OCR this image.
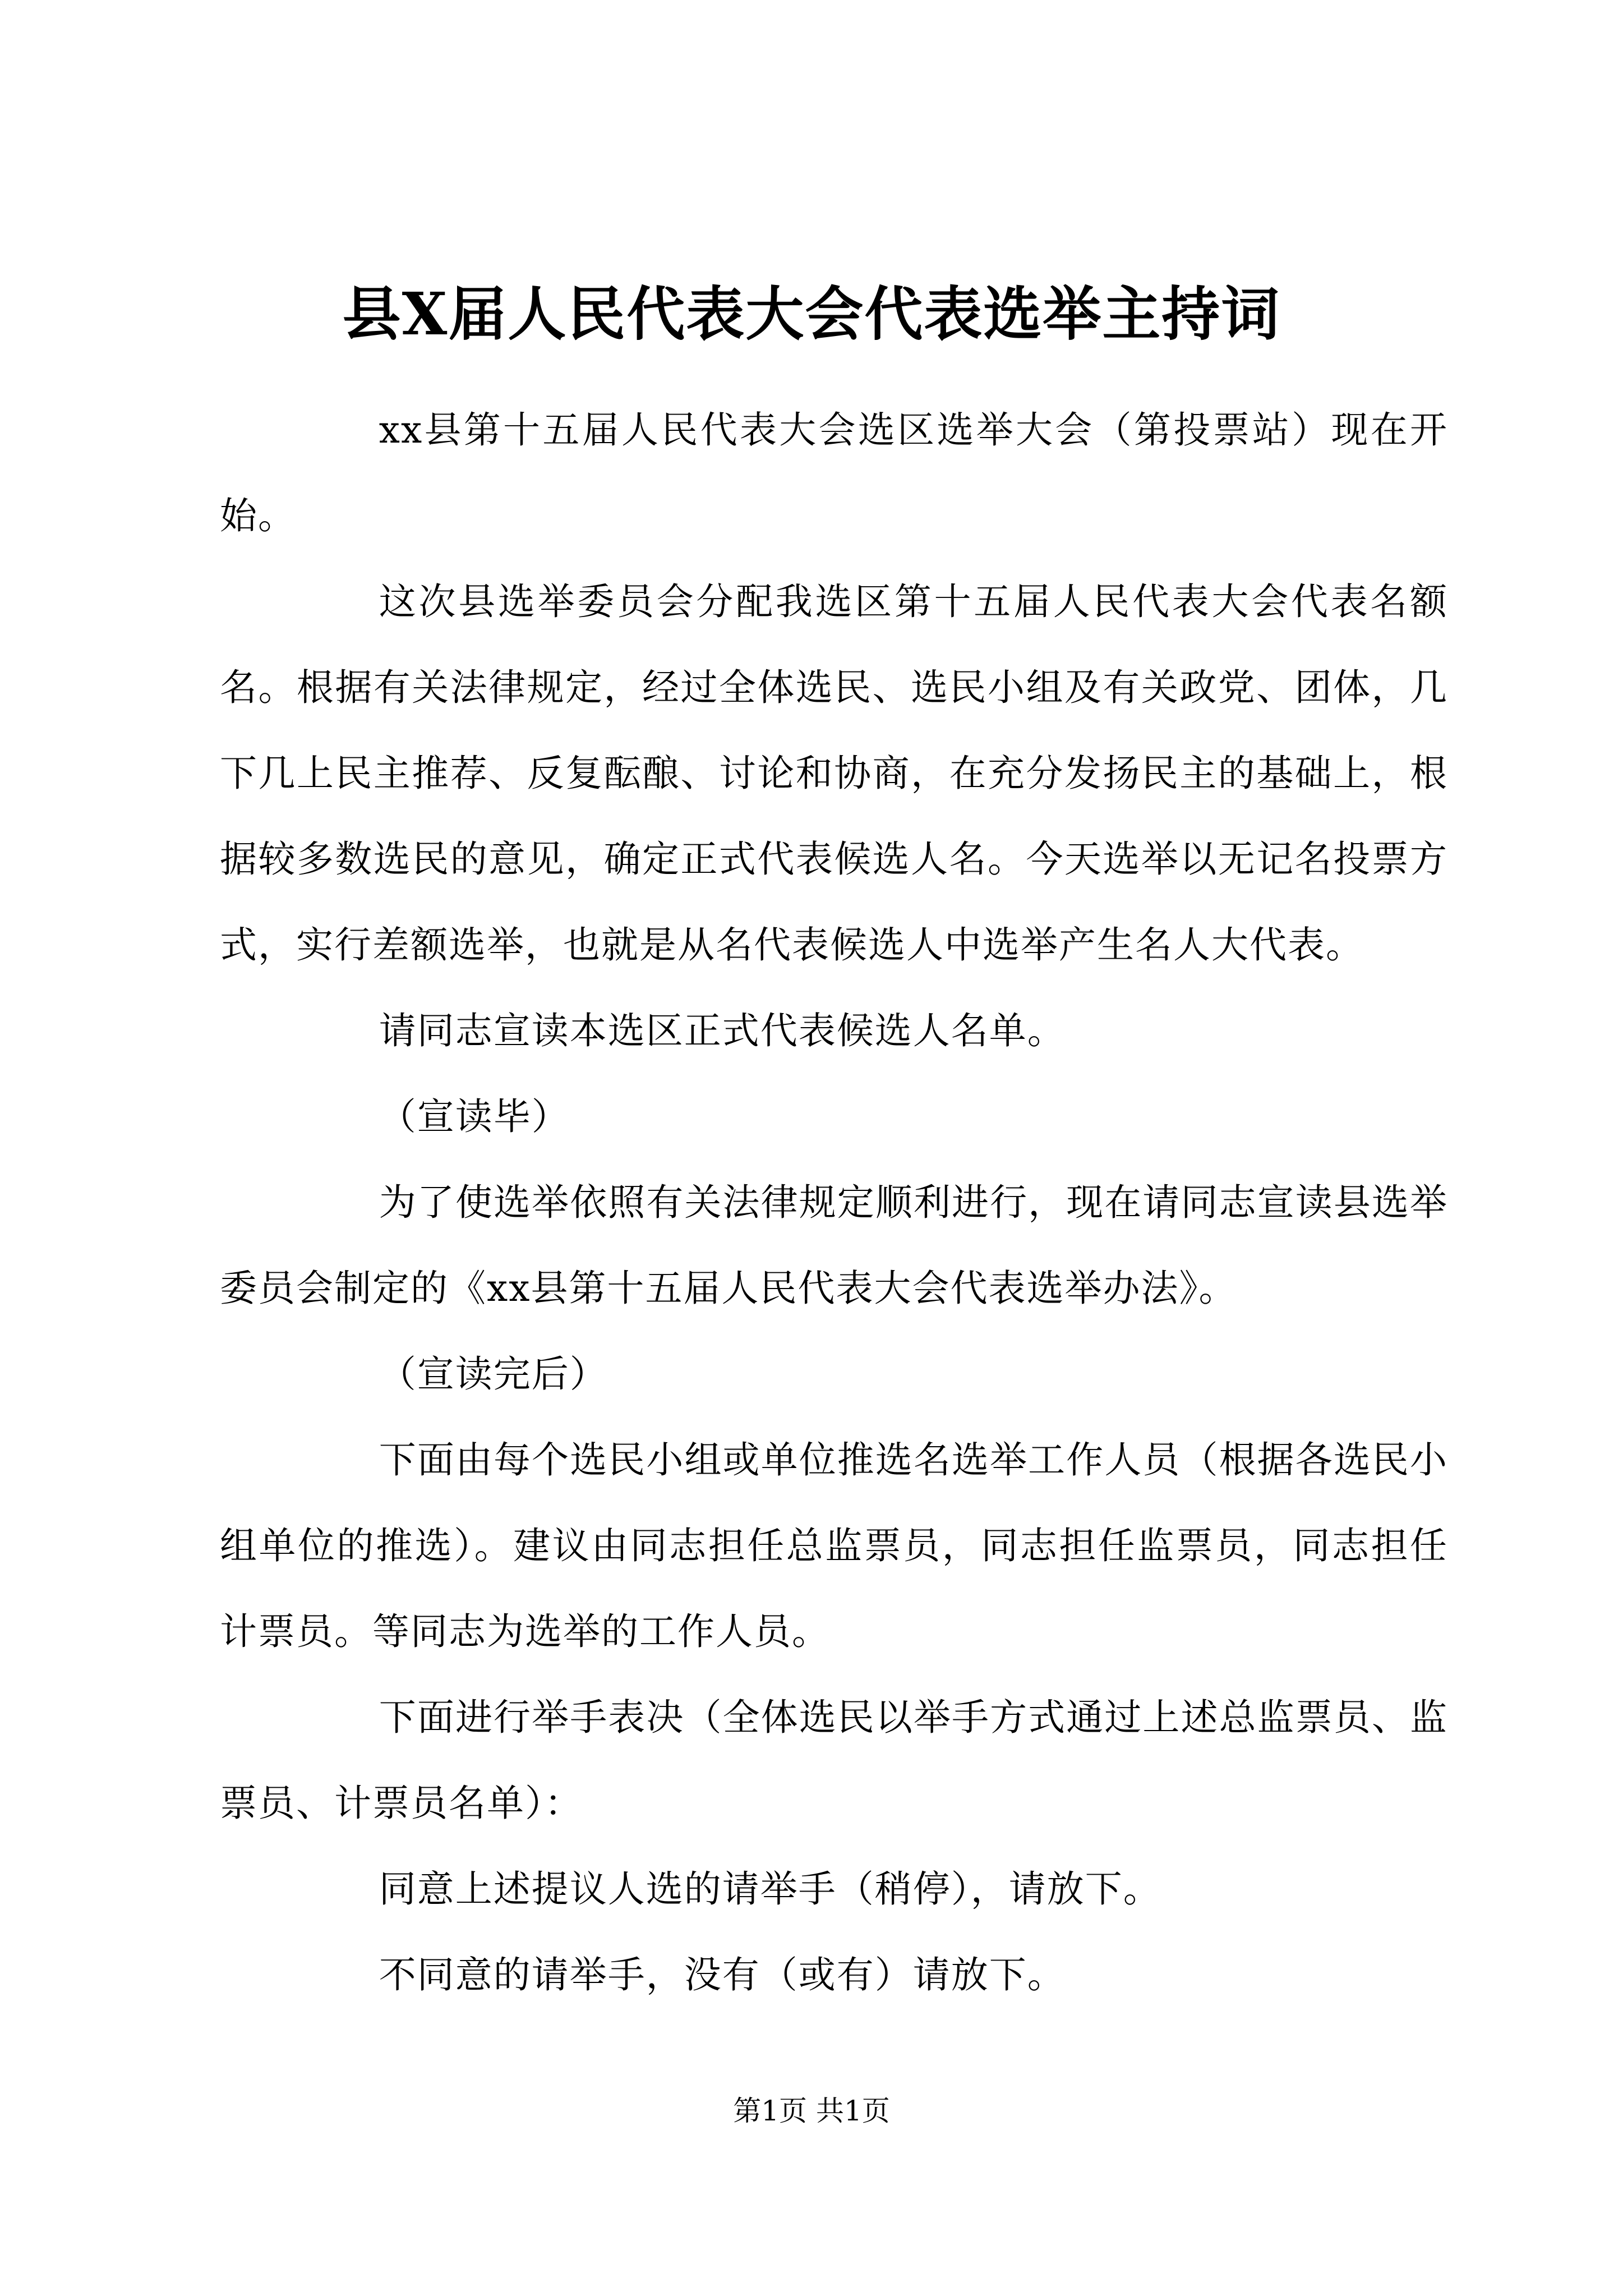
县X届人民代表大会代表选举主持词

xx县第十五届人民代表大会选区选举大会（第投票站）现在开始。

这次县选举委员会分配我选区第十五届人民代表大会代表名额名。根据有关法律规定，经过全体选民、选民小组及有关政党、团体，几下几上民主推荐、反复酝酿、讨论和协商，在充分发扬民主的基础上，根据较多数选民的意见，确定正式代表候选人名。今天选举以无记名投票方式，实行差额选举，也就是从名代表候选人中选举产生名人大代表。

请同志宣读本选区正式代表候选人名单。

（宣读毕）

为了使选举依照有关法律规定顺利进行，现在请同志宣读县选举委员会制定的《xx县第十五届人民代表大会代表选举办法》。

（宣读完后）

下面由每个选民小组或单位推选名选举工作人员（根据各选民小组单位的推选）。建议由同志担任总监票员，同志担任监票员，同志担任计票员。等同志为选举的工作人员。

下面进行举手表决（全体选民以举手方式通过上述总监票员、监票员、计票员名单）：

同意上述提议人选的请举手（稍停），请放下。

不同意的请举手，没有（或有）请放下。

第1页 共1页
